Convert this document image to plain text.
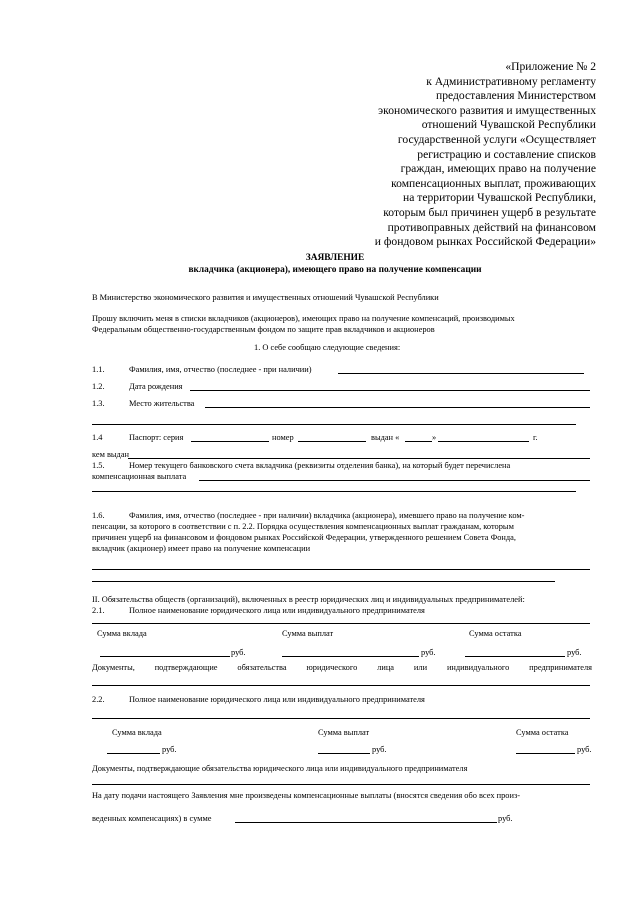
«Приложение № 2
к Административному регламенту
предоставления Министерством
экономического развития и имущественных
отношений Чувашской Республики
государственной услуги «Осуществляет
регистрацию и составление списков
граждан, имеющих право на получение
компенсационных выплат, проживающих
на территории Чувашской Республики,
которым был причинен ущерб в результате
противоправных действий на финансовом
и фондовом рынках Российской Федерации»
ЗАЯВЛЕНИЕ
вкладчика (акционера), имеющего право на получение компенсации
В Министерство экономического развития и имущественных отношений Чувашской Республики
Прошу включить меня в списки вкладчиков (акционеров), имеющих право на получение компенсаций, производимых
Федеральным общественно-государственным фондом по защите прав вкладчиков и акционеров
1. О себе сообщаю следующие сведения:
1.1.	Фамилия, имя, отчество (последнее - при наличии)
1.2.	Дата рождения
1.3.	Место жительства
1.4	Паспорт: серия	номер	выдан «	»	г.
кем выдан
1.5.	Номер текущего банковского счета вкладчика (реквизиты отделения банка), на который будет перечислена
компенсационная выплата
1.6.	Фамилия, имя, отчество (последнее - при наличии) вкладчика (акционера), имевшего право на получение ком-
пенсации, за которого в соответствии с п. 2.2. Порядка осуществления компенсационных выплат гражданам, которым
причинен ущерб на финансовом и фондовом рынках Российской Федерации, утвержденного решением Совета Фонда,
вкладчик (акционер) имеет право на получение компенсации
II. Обязательства обществ (организаций), включенных в реестр юридических лиц и индивидуальных предпринимателей:
2.1.	Полное наименование юридического лица или индивидуального предпринимателя
Сумма вклада	Сумма выплат	Сумма остатка
руб.	руб.	руб.
Документы, подтверждающие обязательства юридического лица или индивидуального предпринимателя
2.2.	Полное наименование юридического лица или индивидуального предпринимателя
Сумма вклада	Сумма выплат	Сумма остатка
руб.	руб.	руб.
Документы, подтверждающие обязательства юридического лица или индивидуального предпринимателя
На дату подачи настоящего Заявления мне произведены компенсационные выплаты (вносятся сведения обо всех произ-
веденных компенсациях) в сумме	руб.
